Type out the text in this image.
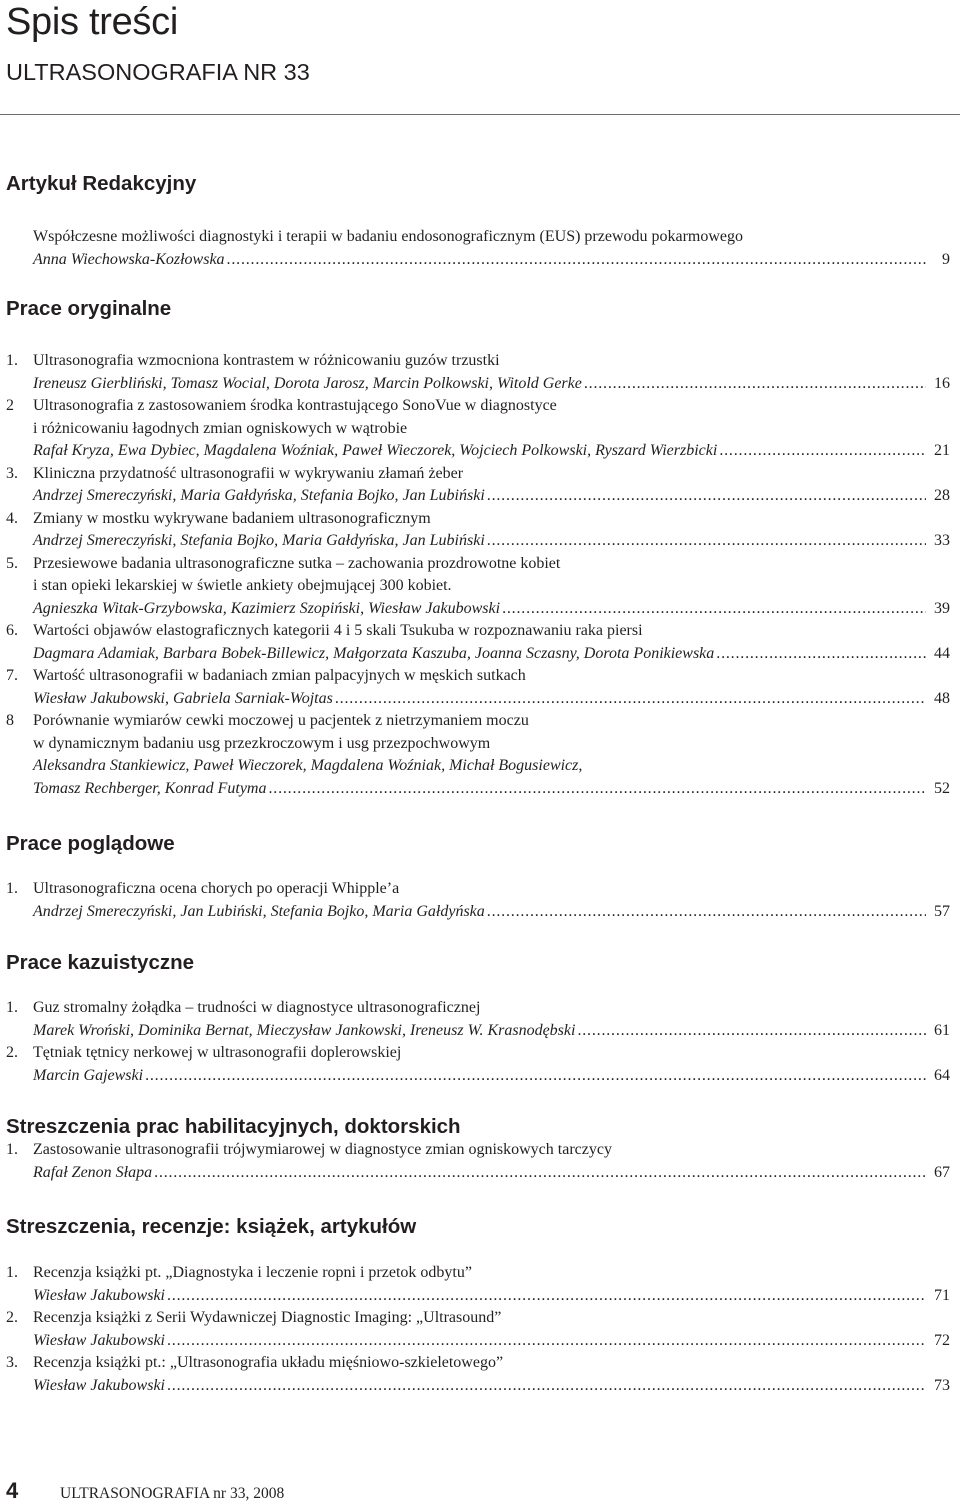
Spis treści
ULTRASONOGRAFIA NR 33
Artykuł Redakcyjny
Współczesne możliwości diagnostyki i terapii w badaniu endosonograficznym (EUS) przewodu pokarmowego
Anna Wiechowska-Kozłowska . . .	9
Prace oryginalne
1. Ultrasonografia wzmocniona kontrastem w różnicowaniu guzów trzustki
Ireneusz Gierbliński, Tomasz Wocial, Dorota Jarosz, Marcin Polkowski, Witold Gerke . . .	16
2	Ultrasonografia z zastosowaniem środka kontrastującego SonoVue w diagnostyce
i różnicowaniu łagodnych zmian ogniskowych w wątrobie
Rafał Kryza, Ewa Dybiec, Magdalena Woźniak, Paweł Wieczorek, Wojciech Polkowski, Ryszard Wierzbicki . . .	21
3. Kliniczna przydatność ultrasonografii w wykrywaniu złamań żeber
Andrzej Smereczyński, Maria Gałdyńska, Stefania Bojko, Jan Lubiński . . .	28
4. Zmiany w mostku wykrywane badaniem ultrasonograficznym
Andrzej Smereczyński, Stefania Bojko, Maria Gałdyńska, Jan Lubiński . . .	33
5. Przesiewowe badania ultrasonograficzne sutka – zachowania prozdrowotne kobiet
i stan opieki lekarskiej w świetle ankiety obejmującej 300 kobiet.
Agnieszka Witak-Grzybowska, Kazimierz Szopiński, Wiesław Jakubowski . . .	39
6. Wartości objawów elastograficznych kategorii 4 i 5 skali Tsukuba w rozpoznawaniu raka piersi
Dagmara Adamiak, Barbara Bobek-Billewicz, Małgorzata Kaszuba, Joanna Sczasny, Dorota Ponikiewska . . .	44
7. Wartość ultrasonografii w badaniach zmian palpacyjnych w męskich sutkach
Wiesław Jakubowski, Gabriela Sarniak-Wojtas . . .	48
8	Porównanie wymiarów cewki moczowej u pacjentek z nietrzymaniem moczu
w dynamicznym badaniu usg przezkroczowym i usg przezpochwowym
Aleksandra Stankiewicz, Paweł Wieczorek, Magdalena Woźniak, Michał Bogusiewicz,
Tomasz Rechberger, Konrad Futyma . . .	52
Prace poglądowe
1. Ultrasonograficzna ocena chorych po operacji Whipple’a
Andrzej Smereczyński, Jan Lubiński, Stefania Bojko, Maria Gałdyńska . . .	57
Prace kazuistyczne
1. Guz stromalny żołądka – trudności w diagnostyce ultrasonograficznej
Marek Wroński, Dominika Bernat, Mieczysław Jankowski, Ireneusz W. Krasnodębski . . .	61
2. Tętniak tętnicy nerkowej w ultrasonografii doplerowskiej
Marcin Gajewski . . .	64
Streszczenia prac habilitacyjnych, doktorskich
1. Zastosowanie ultrasonografii trójwymiarowej w diagnostyce zmian ogniskowych tarczycy
Rafał Zenon Słapa . . .	67
Streszczenia, recenzje: książek, artykułów
1. Recenzja książki pt. „Diagnostyka i leczenie ropni i przetok odbytu”
Wiesław Jakubowski . . .	71
2. Recenzja książki z Serii Wydawniczej Diagnostic Imaging: „Ultrasound”
Wiesław Jakubowski . . .	72
3. Recenzja książki pt.: „Ultrasonografia układu mięśniowo-szkieletowego”
Wiesław Jakubowski . . .	73
4	ULTRASONOGRAFIA nr 33, 2008
